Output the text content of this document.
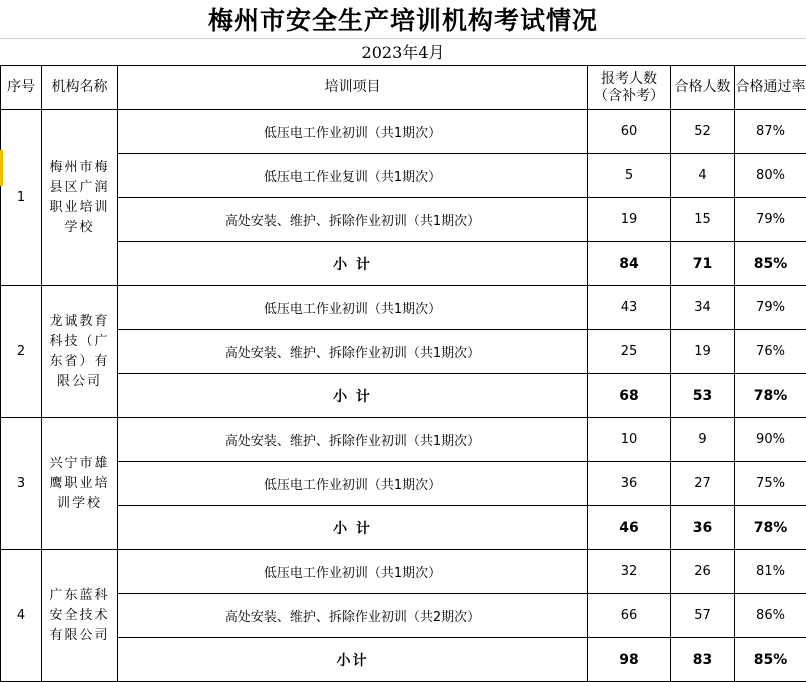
梅州市安全生产培训机构考试情况
2023年4月
序号	机构名称	培训项目	报考人数（含补考）	合格人数	合格通过率
1	梅州市梅县区广润职业培训学校	低压电工作业初训（共1期次）	60	52	87%
		低压电工作业复训（共1期次）	5	4	80%
		高处安装、维护、拆除作业初训（共1期次）	19	15	79%
		小 计	84	71	85%
2	龙诚教育科技（广东省）有限公司	低压电工作业初训（共1期次）	43	34	79%
		高处安装、维护、拆除作业初训（共1期次）	25	19	76%
		小 计	68	53	78%
3	兴宁市雄鹰职业培训学校	高处安装、维护、拆除作业初训（共1期次）	10	9	90%
		低压电工作业初训（共1期次）	36	27	75%
		小 计	46	36	78%
4	广东蓝科安全技术有限公司	低压电工作业初训（共1期次）	32	26	81%
		高处安装、维护、拆除作业初训（共2期次）	66	57	86%
		小计	98	83	85%
